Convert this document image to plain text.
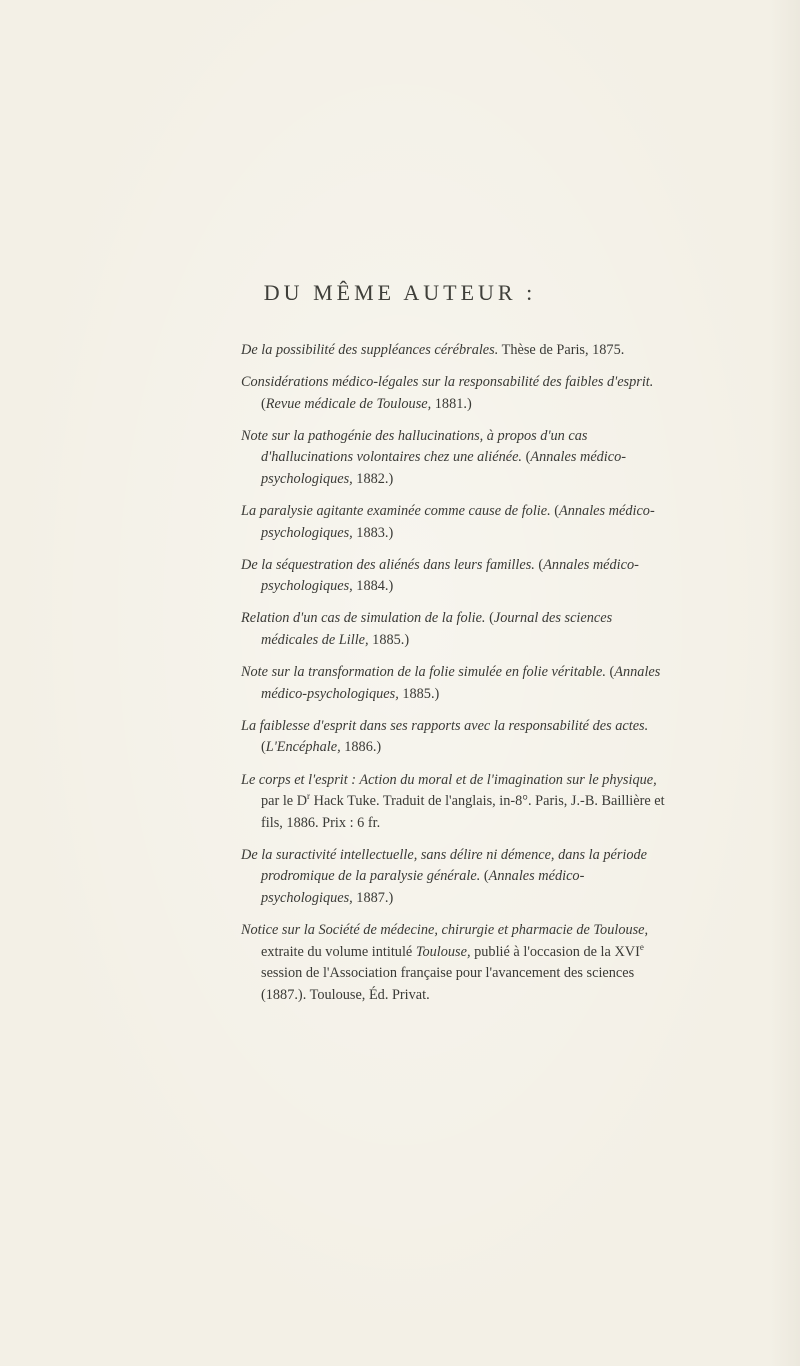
DU MÊME AUTEUR :
De la possibilité des suppléances cérébrales. Thèse de Paris, 1875.
Considérations médico-légales sur la responsabilité des faibles d'esprit. (Revue médicale de Toulouse, 1881.)
Note sur la pathogénie des hallucinations, à propos d'un cas d'hallucinations volontaires chez une aliénée. (Annales médico-psychologiques, 1882.)
La paralysie agitante examinée comme cause de folie. (Annales médico-psychologiques, 1883.)
De la séquestration des aliénés dans leurs familles. (Annales médico-psychologiques, 1884.)
Relation d'un cas de simulation de la folie. (Journal des sciences médicales de Lille, 1885.)
Note sur la transformation de la folie simulée en folie véritable. (Annales médico-psychologiques, 1885.)
La faiblesse d'esprit dans ses rapports avec la responsabilité des actes. (L'Encéphale, 1886.)
Le corps et l'esprit : Action du moral et de l'imagination sur le physique, par le $D^r$ Hack Tuke. Traduit de l'anglais, in-8°. Paris, J.-B. Baillière et fils, 1886. Prix : 6 fr.
De la suractivité intellectuelle, sans délire ni démence, dans la période prodromique de la paralysie générale. (Annales médico-psychologiques, 1887.)
Notice sur la Société de médecine, chirurgie et pharmacie de Toulouse, extraite du volume intitulé Toulouse, publié à l'occasion de la XVIe session de l'Association française pour l'avancement des sciences (1887.). Toulouse, Éd. Privat.
